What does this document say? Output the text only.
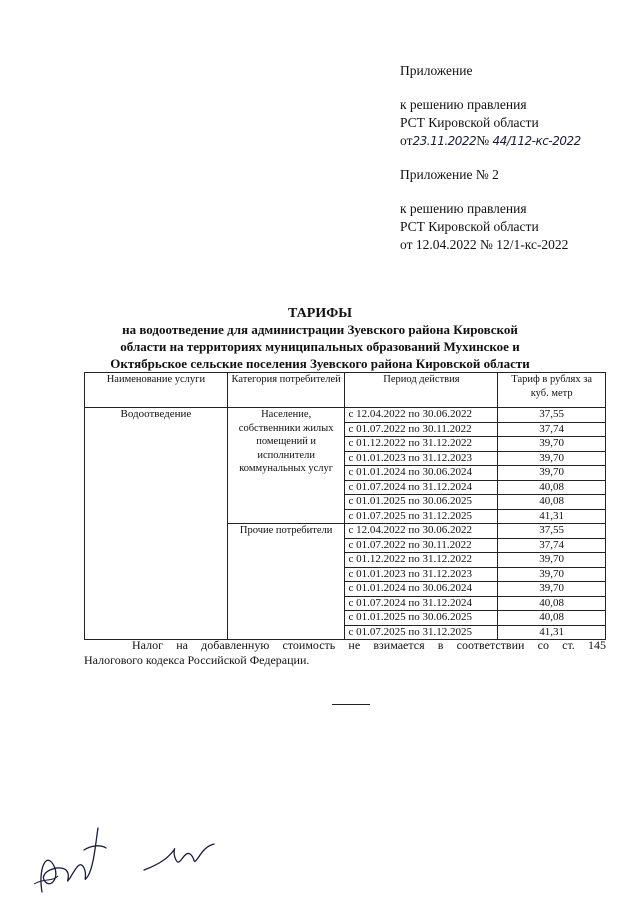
Приложение
к решению правления
РСТ Кировской области
от23.11.2022№ 44/112-кс-2022
Приложение № 2
к решению правления
РСТ Кировской области
от 12.04.2022 № 12/1-кс-2022
ТАРИФЫ
на водоотведение для администрации Зуевского района Кировской
области на территориях муниципальных образований Мухинское и
Октябрьское сельские поселения Зуевского района Кировской области
Наименование услуги	Категория потребителей	Период действия	Тариф в рублях за куб. метр
Водоотведение	Население, собственники жилых помещений и исполнители коммунальных услуг	с 12.04.2022 по 30.06.2022	37,55
		с 01.07.2022 по 30.11.2022	37,74
		с 01.12.2022 по 31.12.2022	39,70
		с 01.01.2023 по 31.12.2023	39,70
		с 01.01.2024 по 30.06.2024	39,70
		с 01.07.2024 по 31.12.2024	40,08
		с 01.01.2025 по 30.06.2025	40,08
		с 01.07.2025 по 31.12.2025	41,31
	Прочие потребители	с 12.04.2022 по 30.06.2022	37,55
		с 01.07.2022 по 30.11.2022	37,74
		с 01.12.2022 по 31.12.2022	39,70
		с 01.01.2023 по 31.12.2023	39,70
		с 01.01.2024 по 30.06.2024	39,70
		с 01.07.2024 по 31.12.2024	40,08
		с 01.01.2025 по 30.06.2025	40,08
		с 01.07.2025 по 31.12.2025	41,31
Налог на добавленную стоимость не взимается в соответствии со ст. 145
Налогового кодекса Российской Федерации.
